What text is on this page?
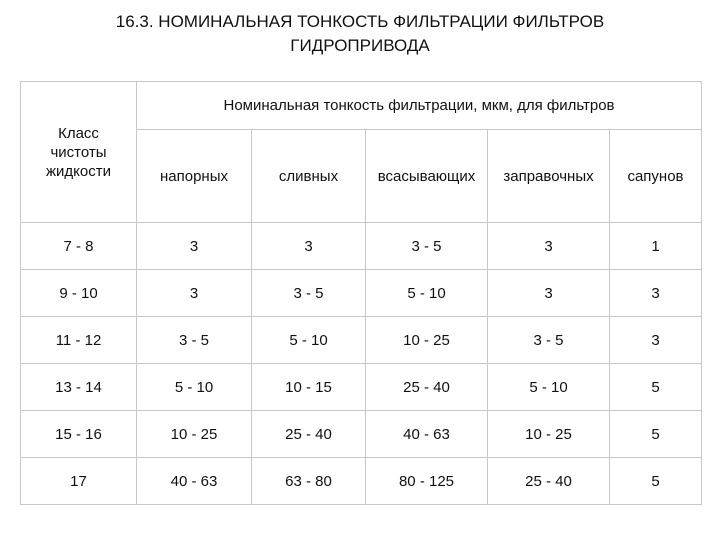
16.3. НОМИНАЛЬНАЯ ТОНКОСТЬ ФИЛЬТРАЦИИ ФИЛЬТРОВ
ГИДРОПРИВОДА
Класс
чистоты
жидкости	Номинальная тонкость фильтрации, мкм, для фильтров				

	напорных	сливных	всасывающих	заправочных	сапунов
7 - 8	3	3	3 - 5	3	1
9 - 10	3	3 - 5	5 - 10	3	3
11 - 12	3 - 5	5 - 10	10 - 25	3 - 5	3
13 - 14	5 - 10	10 - 15	25 - 40	5 - 10	5
15 - 16	10 - 25	25 - 40	40 - 63	10 - 25	5
17	40 - 63	63 - 80	80 - 125	25 - 40	5
